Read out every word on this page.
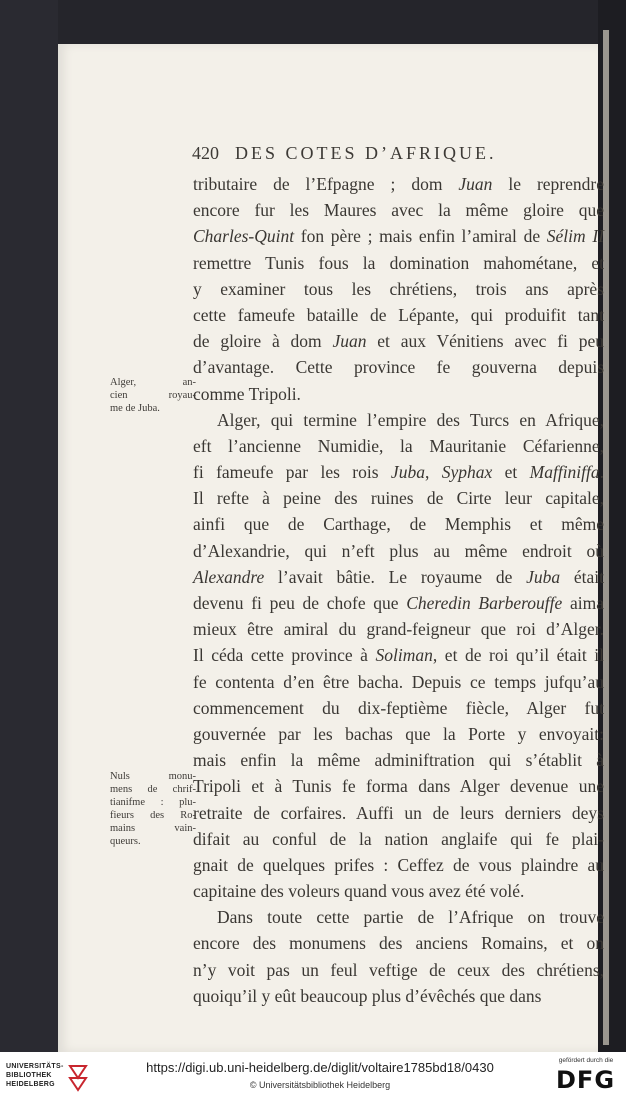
420 DES COTES D’AFRIQUE.
tributaire de l’Efpagne ; dom Juan le reprendre
encore fur les Maures avec la même gloire que
Charles-Quint fon père ; mais enfin l’amiral de Sélim II
remettre Tunis fous la domination mahométane, et
y examiner tous les chrétiens, trois ans après
cette fameufe bataille de Lépante, qui produifit tant
de gloire à dom Juan et aux Vénitiens avec fi peu
d’avantage. Cette province fe gouverna depuis
comme Tripoli.
Alger, qui termine l’empire des Turcs en Afrique,
eft l’ancienne Numidie, la Mauritanie Céfarienne,
fi fameufe par les rois Juba, Syphax et Maffiniffa.
Il refte à peine des ruines de Cirte leur capitale,
ainfi que de Carthage, de Memphis et même
d’Alexandrie, qui n’eft plus au même endroit où
Alexandre l’avait bâtie. Le royaume de Juba était
devenu fi peu de chofe que Cheredin Barberouffe aima
mieux être amiral du grand-feigneur que roi d’Alger.
Il céda cette province à Soliman, et de roi qu’il était il
fe contenta d’en être bacha. Depuis ce temps jufqu’au
commencement du dix-feptième fiècle, Alger fut
gouvernée par les bachas que la Porte y envoyait:
mais enfin la même adminiftration qui s’établit à
Tripoli et à Tunis fe forma dans Alger devenue une
retraite de corfaires. Auffi un de leurs derniers deys
difait au conful de la nation anglaife qui fe plai-
gnait de quelques prifes : Ceffez de vous plaindre au
capitaine des voleurs quand vous avez été volé.
Dans toute cette partie de l’Afrique on trouve
encore des monumens des anciens Romains, et on
n’y voit pas un feul veftige de ceux des chrétiens,
quoiqu’il y eût beaucoup plus d’évêchés que dans
Alger, an-
cien royau-
me de Juba.
Nuls monu-
mens de chrif-
tianifme : plu-
fieurs des Ro-
mains vain-
queurs.
UNIVERSITÄTS-
BIBLIOTHEK
HEIDELBERG
https://digi.ub.uni-heidelberg.de/diglit/voltaire1785bd18/0430
© Universitätsbibliothek Heidelberg
gefördert durch die
DFG
